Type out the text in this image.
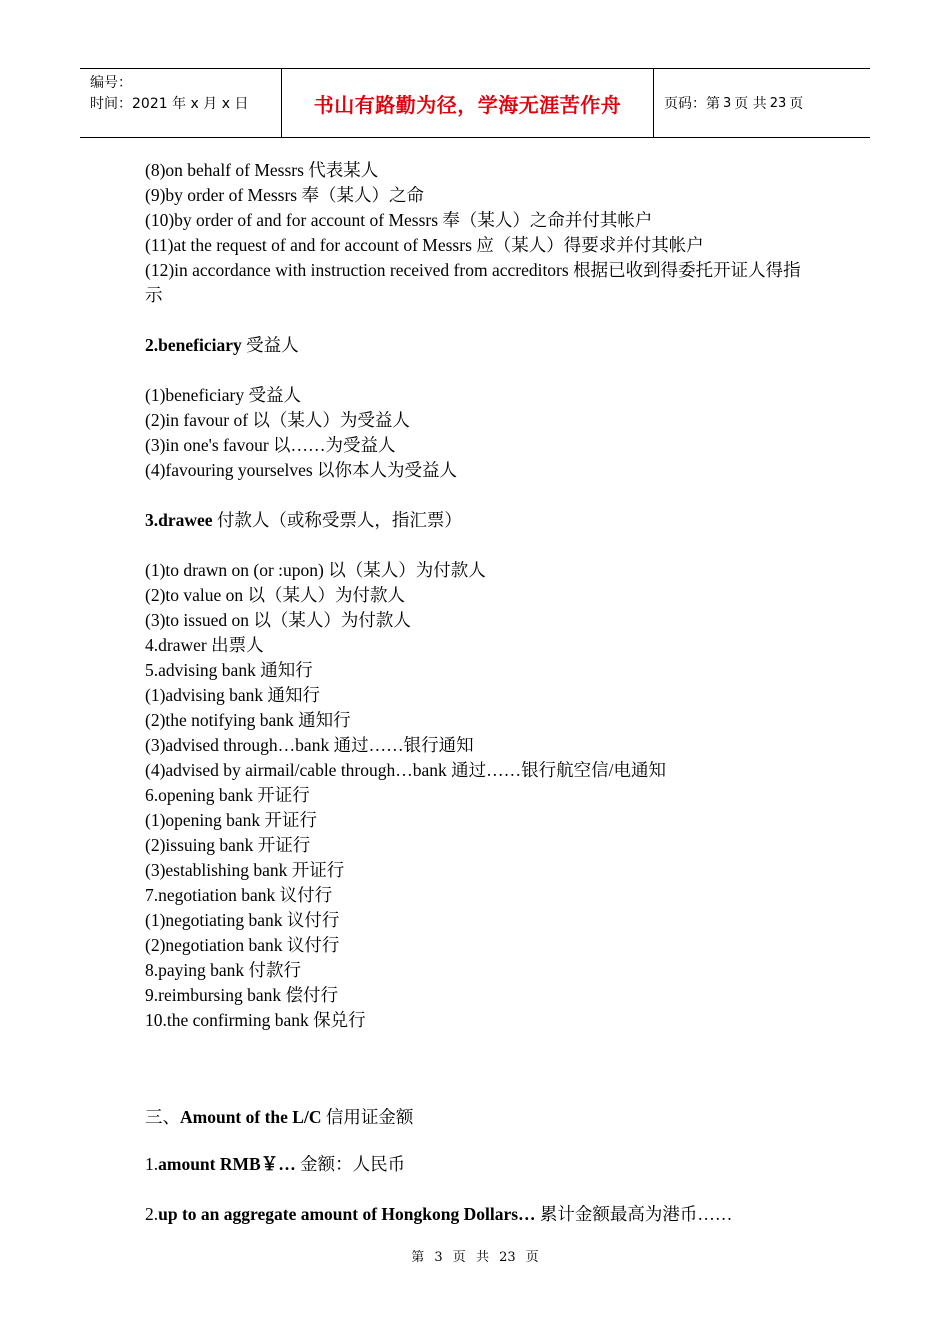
编号：
时间：2021 年 x 月 x 日	书山有路勤为径，学海无涯苦作舟	页码：第 3 页 共 23 页
(8)on behalf of Messrs 代表某人
(9)by order of Messrs 奉（某人）之命
(10)by order of and for account of Messrs 奉（某人）之命并付其帐户
(11)at the request of and for account of Messrs 应（某人）得要求并付其帐户
(12)in accordance with instruction received from accreditors 根据已收到得委托开证人得指示
2.beneficiary 受益人
(1)beneficiary 受益人
(2)in favour of 以（某人）为受益人
(3)in one's favour 以……为受益人
(4)favouring yourselves 以你本人为受益人
3.drawee 付款人（或称受票人，指汇票）
(1)to drawn on (or :upon) 以（某人）为付款人
(2)to value on 以（某人）为付款人
(3)to issued on 以（某人）为付款人
4.drawer 出票人
5.advising bank 通知行
(1)advising bank 通知行
(2)the notifying bank 通知行
(3)advised through…bank 通过……银行通知
(4)advised by airmail/cable through…bank 通过……银行航空信/电通知
6.opening bank 开证行
(1)opening bank 开证行
(2)issuing bank 开证行
(3)establishing bank 开证行
7.negotiation bank 议付行
(1)negotiating bank 议付行
(2)negotiation bank 议付行
8.paying bank 付款行
9.reimbursing bank 偿付行
10.the confirming bank 保兑行
三、Amount of the L/C 信用证金额
1.amount RMB￥… 金额：人民币
2.up to an aggregate amount of Hongkong Dollars… 累计金额最高为港币……
第 3 页 共 23 页
